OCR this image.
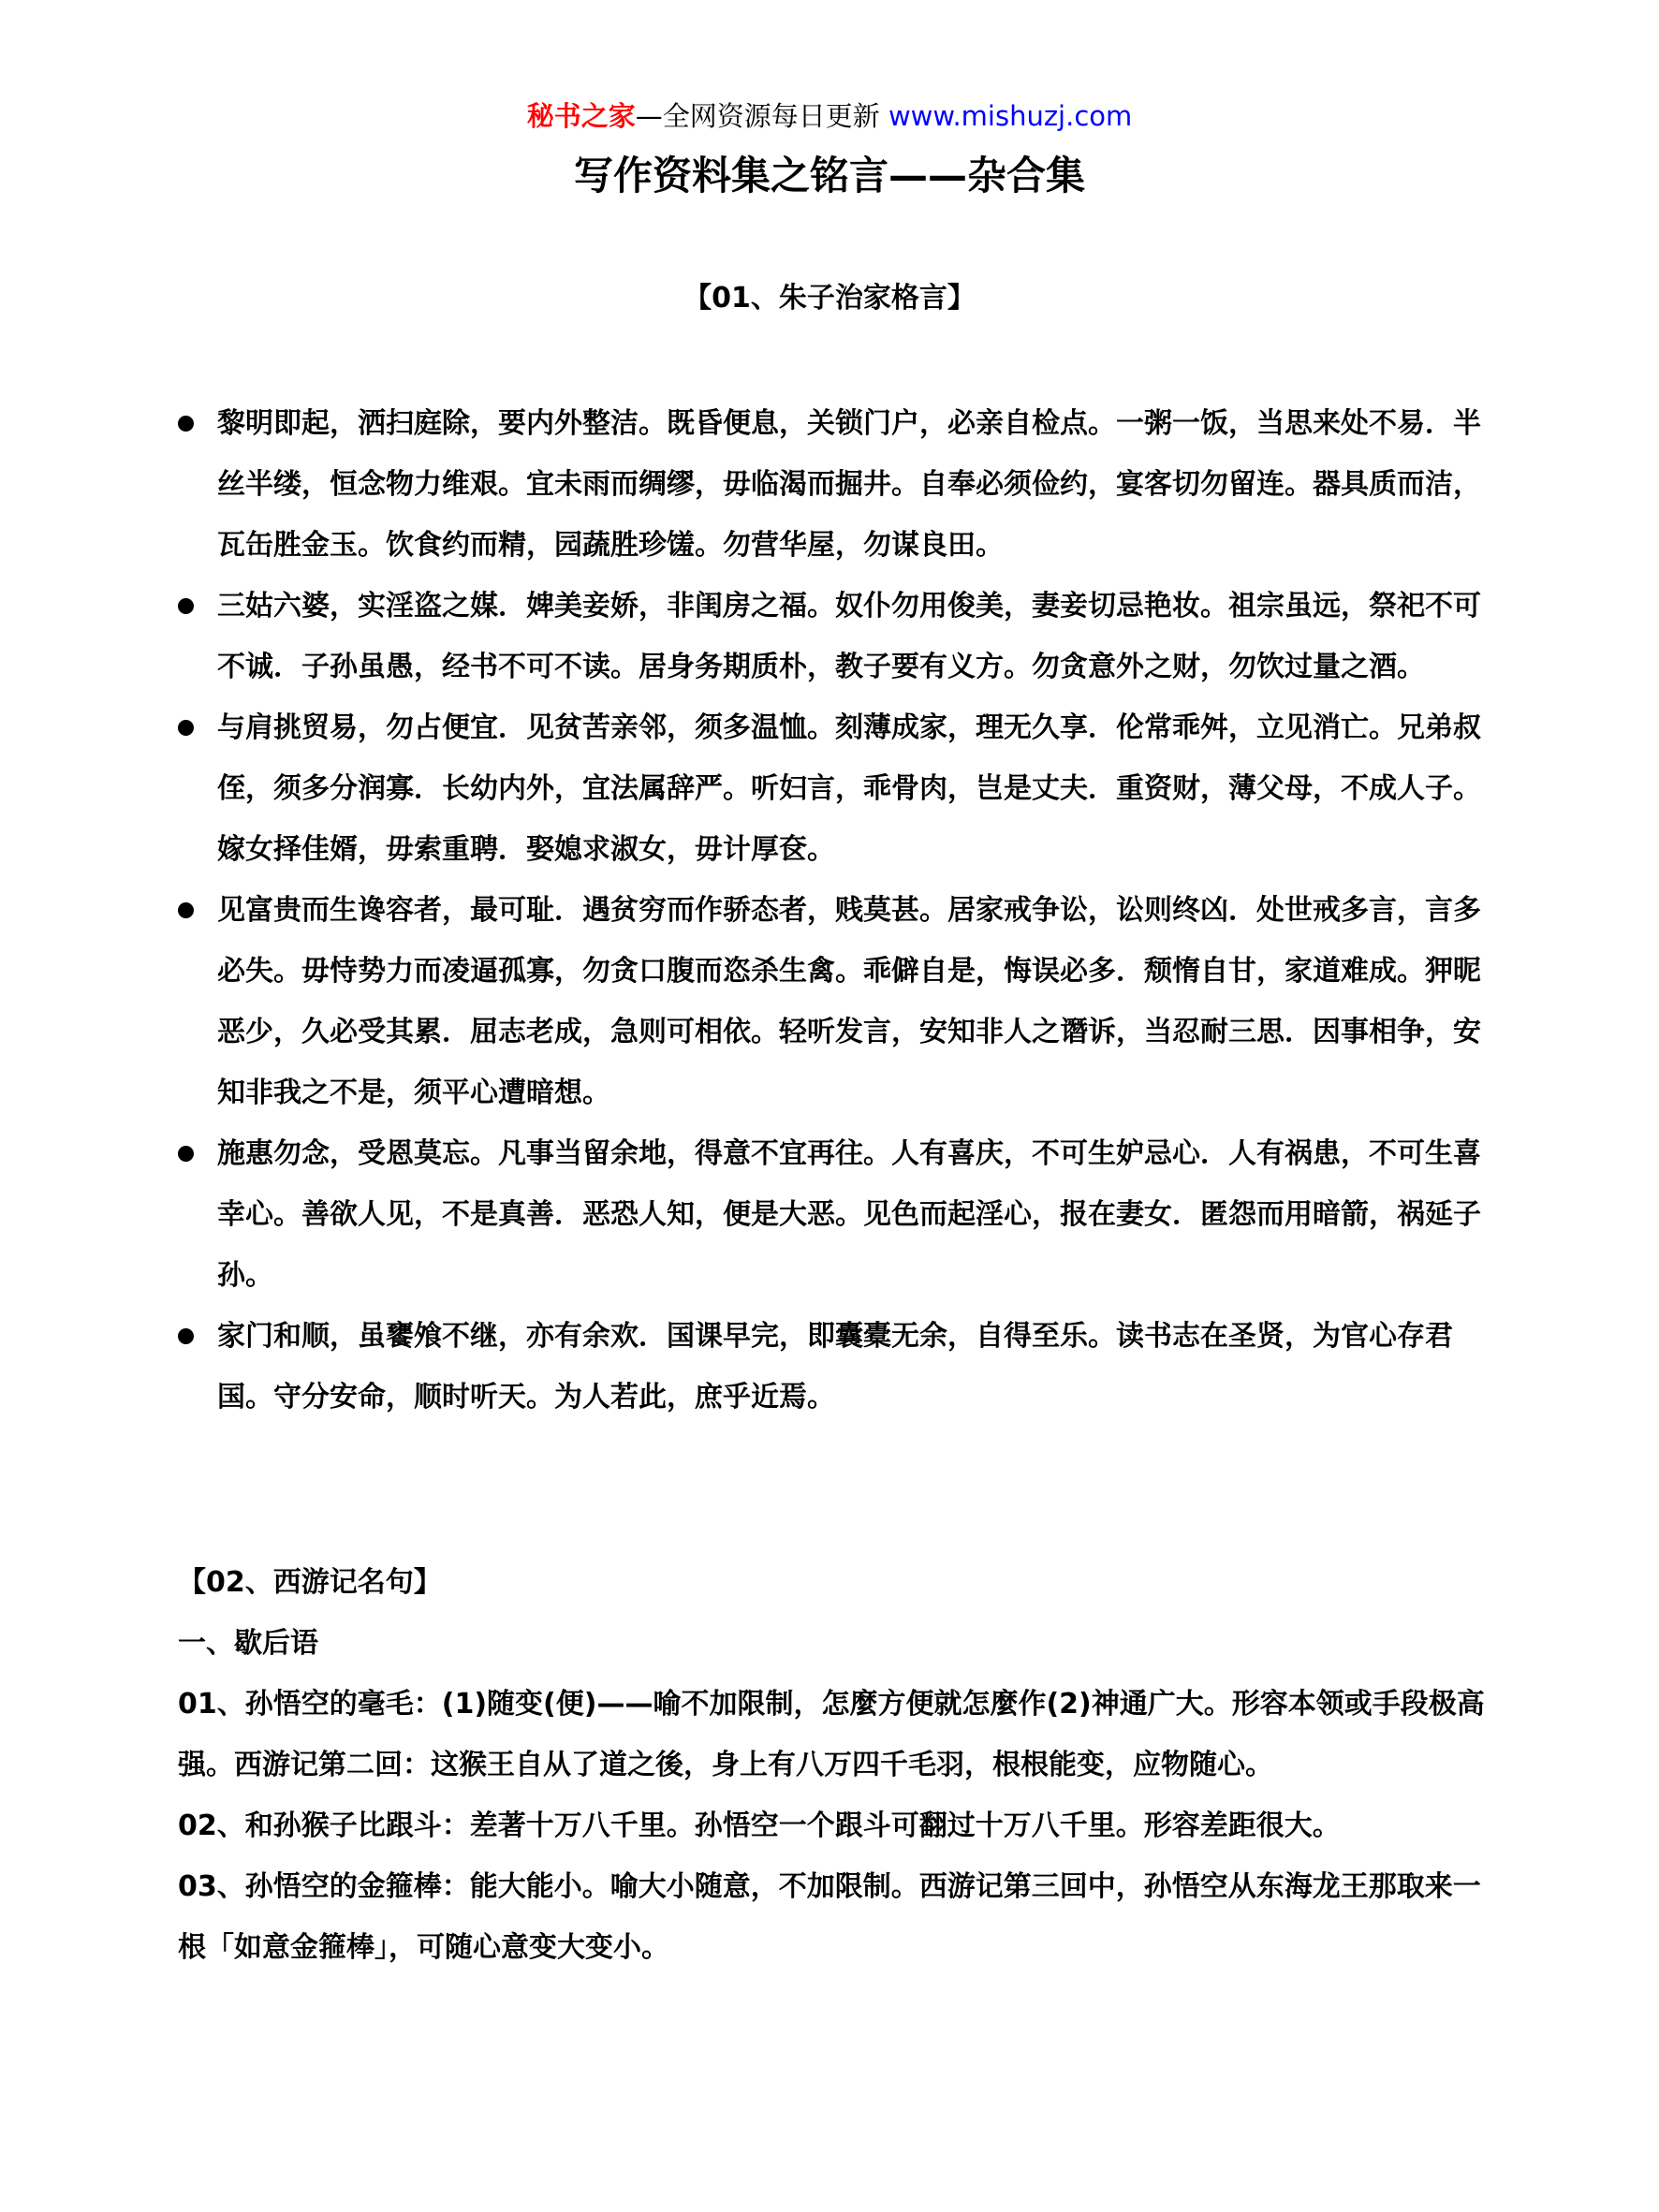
秘书之家—全网资源每日更新 www.mishuzj.com
写作资料集之铭言——杂合集
【01、朱子治家格言】
黎明即起，洒扫庭除，要内外整洁。既昏便息，关锁门户，必亲自检点。一粥一饭，当思来处不易．半丝半缕，恒念物力维艰。宜未雨而绸缪，毋临渴而掘井。自奉必须俭约，宴客切勿留连。器具质而洁，瓦缶胜金玉。饮食约而精，园蔬胜珍馐。勿营华屋，勿谋良田。
三姑六婆，实淫盗之媒．婢美妾娇，非闺房之福。奴仆勿用俊美，妻妾切忌艳妆。祖宗虽远，祭祀不可不诚．子孙虽愚，经书不可不读。居身务期质朴，教子要有义方。勿贪意外之财，勿饮过量之酒。
与肩挑贸易，勿占便宜．见贫苦亲邻，须多温恤。刻薄成家，理无久享．伦常乖舛，立见消亡。兄弟叔侄，须多分润寡．长幼内外，宜法属辞严。听妇言，乖骨肉，岂是丈夫．重资财，薄父母，不成人子。嫁女择佳婿，毋索重聘．娶媳求淑女，毋计厚奁。
见富贵而生谗容者，最可耻．遇贫穷而作骄态者，贱莫甚。居家戒争讼，讼则终凶．处世戒多言，言多必失。毋恃势力而凌逼孤寡，勿贪口腹而恣杀生禽。乖僻自是，悔误必多．颓惰自甘，家道难成。狎昵恶少，久必受其累．屈志老成，急则可相依。轻听发言，安知非人之谮诉，当忍耐三思．因事相争，安知非我之不是，须平心遭暗想。
施惠勿念，受恩莫忘。凡事当留余地，得意不宜再往。人有喜庆，不可生妒忌心．人有祸患，不可生喜幸心。善欲人见，不是真善．恶恐人知，便是大恶。见色而起淫心，报在妻女．匿怨而用暗箭，祸延子孙。
家门和顺，虽饔飧不继，亦有余欢．国课早完，即囊橐无余，自得至乐。读书志在圣贤，为官心存君国。守分安命，顺时听天。为人若此，庶乎近焉。

【02、西游记名句】

一、歇后语

01、孙悟空的毫毛：(1)随变(便)——喻不加限制，怎麼方便就怎麼作(2)神通广大。形容本领或手段极高强。西游记第二回：这猴王自从了道之後，身上有八万四千毛羽，根根能变，应物随心。

02、和孙猴子比跟斗：差著十万八千里。孙悟空一个跟斗可翻过十万八千里。形容差距很大。

03、孙悟空的金箍棒：能大能小。喻大小随意，不加限制。西游记第三回中，孙悟空从东海龙王那取来一根「如意金箍棒」，可随心意变大变小。
